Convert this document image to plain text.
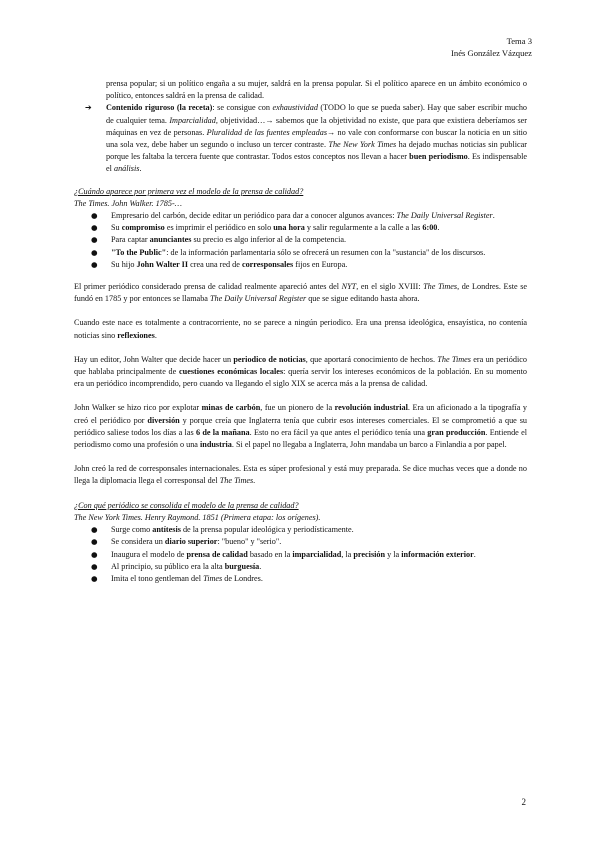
Tema 3
Inés González Vázquez

prensa popular; si un político engaña a su mujer, saldrá en la prensa popular. Si el político aparece en un ámbito económico o político, entonces saldrá en la prensa de calidad.

➔ Contenido riguroso (la receta): se consigue con exhaustividad (TODO lo que se pueda saber). Hay que saber escribir mucho de cualquier tema. Imparcialidad, objetividad…→ sabemos que la objetividad no existe, que para que existiera deberíamos ser máquinas en vez de personas. Pluralidad de las fuentes empleadas→ no vale con conformarse con buscar la noticia en un sitio una sola vez, debe haber un segundo o incluso un tercer contraste. The New York Times ha dejado muchas noticias sin publicar porque les faltaba la tercera fuente que contrastar. Todos estos conceptos nos llevan a hacer buen periodismo. Es indispensable el análisis.

¿Cuándo aparece por primera vez el modelo de la prensa de calidad?

The Times. John Walker. 1785-…

● Empresario del carbón, decide editar un periódico para dar a conocer algunos avances: The Daily Universal Register.
● Su compromiso es imprimir el periódico en solo una hora y salir regularmente a la calle a las 6:00.
● Para captar anunciantes su precio es algo inferior al de la competencia.
● "To the Public": de la información parlamentaria sólo se ofrecerá un resumen con la "sustancia" de los discursos.
● Su hijo John Walter II crea una red de corresponsales fijos en Europa.

El primer periódico considerado prensa de calidad realmente apareció antes del NYT, en el siglo XVIII: The Times, de Londres. Este se fundó en 1785 y por entonces se llamaba The Daily Universal Register que se sigue editando hasta ahora.

Cuando este nace es totalmente a contracorriente, no se parece a ningún periodico. Era una prensa ideológica, ensayística, no contenía noticias sino reflexiones.

Hay un editor, John Walter que decide hacer un periodico de noticias, que aportará conocimiento de hechos. The Times era un periódico que hablaba principalmente de cuestiones económicas locales: quería servir los intereses económicos de la población. En su momento era un periódico incomprendido, pero cuando va llegando el siglo XIX se acerca más a la prensa de calidad.

John Walker se hizo rico por explotar minas de carbón, fue un pionero de la revolución industrial. Era un aficionado a la tipografía y creó el periódico por diversión y porque creía que Inglaterra tenía que cubrir esos intereses comerciales. El se comprometió a que su periódico saliese todos los días a las 6 de la mañana. Esto no era fácil ya que antes el periódico tenía una gran producción. Entiende el periodismo como una profesión o una industria. Si el papel no llegaba a Inglaterra, John mandaba un barco a Finlandia a por papel.

John creó la red de corresponsales internacionales. Esta es súper profesional y está muy preparada. Se dice muchas veces que a donde no llega la diplomacia llega el corresponsal del The Times.

¿Con qué periódico se consolida el modelo de la prensa de calidad?

The New York Times. Henry Raymond. 1851 (Primera etapa: los orígenes).

● Surge como antítesis de la prensa popular ideológica y periodísticamente.
● Se considera un diario superior: "bueno" y "serio".
● Inaugura el modelo de prensa de calidad basado en la imparcialidad, la precisión y la información exterior.
● Al principio, su público era la alta burguesía.
● Imita el tono gentleman del Times de Londres.
2
